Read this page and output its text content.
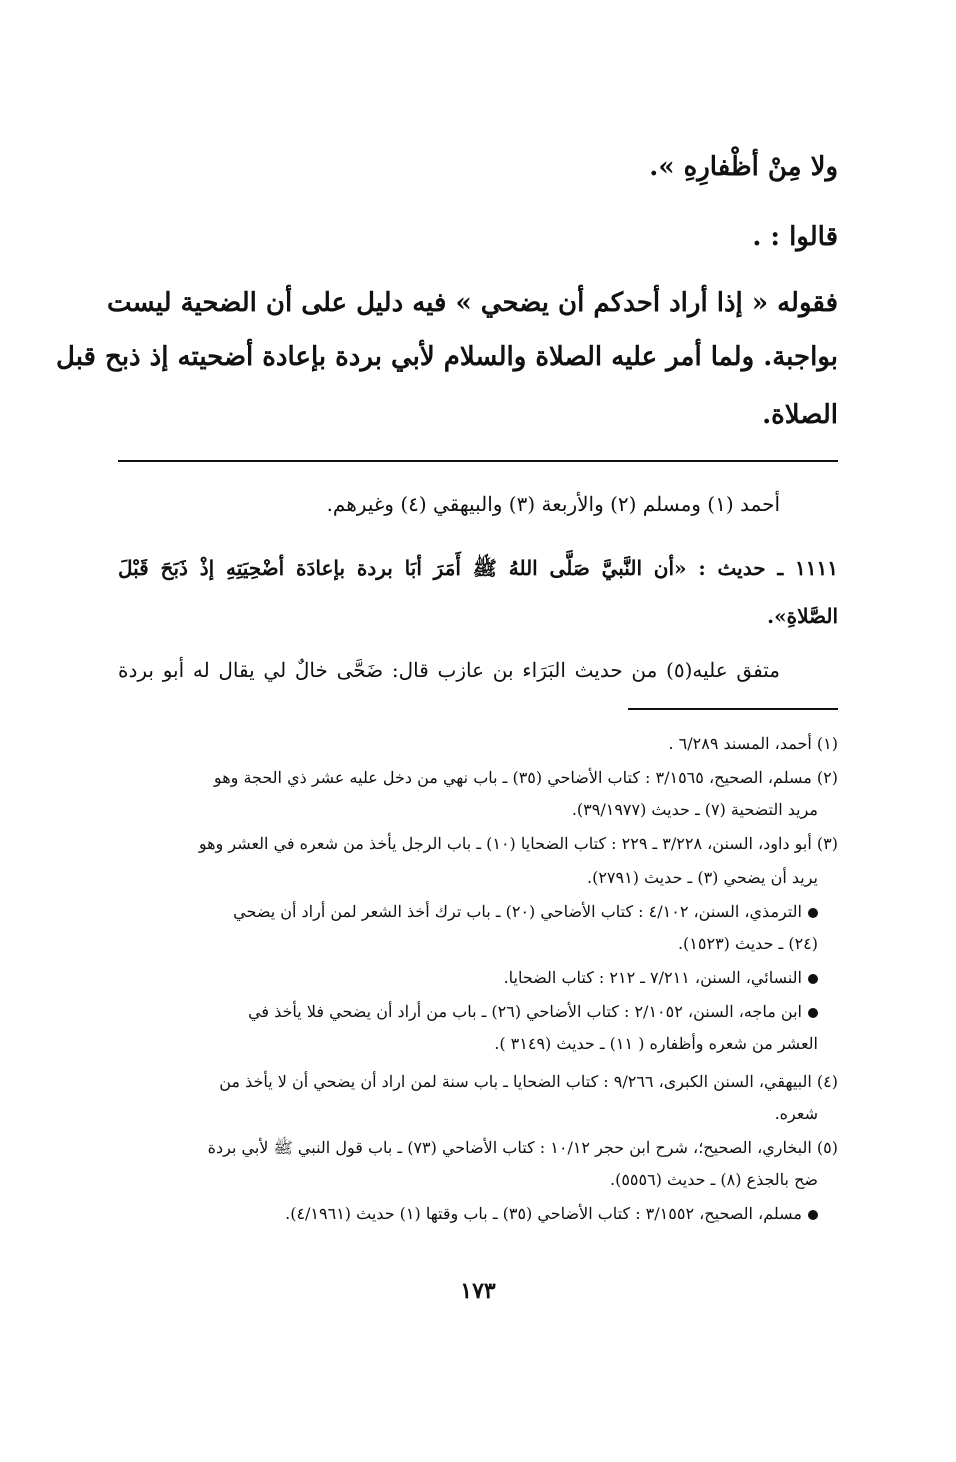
ولا مِنْ أظْفارِهِ ».
قالوا : .
فقوله « إذا أراد أحدكم أن يضحي » فيه دليل على أن الضحية ليست
بواجبة. ولما أمر عليه الصلاة والسلام لأبي بردة بإعادة أضحيته إذ ذبح قبل
الصلاة.
أحمد (١) ومسلم (٢) والأربعة (٣) والبيهقي (٤) وغيرهم.
١١١١ ـ حديث : «أن النَّبيَّ صَلَّى اللهُ ﷺ أَمَرَ أبَا بردة بإعادَة أضْحِيَتِهِ إذْ ذَبَحَ قَبْلَ
الصَّلاةِ».
متفق عليه(٥) من حديث البَرَاء بن عازب قال: ضَحَّى خالٌ لي يقال له أبو بردة
(١) أحمد، المسند ٦/٢٨٩ .
(٢) مسلم، الصحيح، ٣/١٥٦٥ : كتاب الأضاحي (٣٥) ـ باب نهي من دخل عليه عشر ذي الحجة وهو
مريد التضحية (٧) ـ حديث (٣٩/١٩٧٧).
(٣) أبو داود، السنن، ٣/٢٢٨ ـ ٢٢٩ : كتاب الضحايا (١٠) ـ باب الرجل يأخذ من شعره في العشر وهو
يريد أن يضحي (٣) ـ حديث (٢٧٩١).
الترمذي، السنن، ٤/١٠٢ : كتاب الأضاحي (٢٠) ـ باب ترك أخذ الشعر لمن أراد أن يضحي
(٢٤) ـ حديث (١٥٢٣).
النسائي، السنن، ٧/٢١١ ـ ٢١٢ : كتاب الضحايا.
ابن ماجه، السنن، ٢/١٠٥٢ : كتاب الأضاحي (٢٦) ـ باب من أراد أن يضحي فلا يأخذ في
العشر من شعره وأظفاره ( ١١) ـ حديث (٣١٤٩ ).
(٤) البيهقي، السنن الكبرى، ٩/٢٦٦ : كتاب الضحايا ـ باب سنة لمن اراد أن يضحي أن لا يأخذ من
شعره.
(٥) البخاري، الصحيح؛، شرح ابن حجر ١٠/١٢ : كتاب الأضاحي (٧٣) ـ باب قول النبي ﷺ لأبي بردة
ضح بالجذع (٨) ـ حديث (٥٥٥٦).
مسلم، الصحيح، ٣/١٥٥٢ : كتاب الأضاحي (٣٥) ـ باب وقتها (١) حديث (٤/١٩٦١).
١٧٣
